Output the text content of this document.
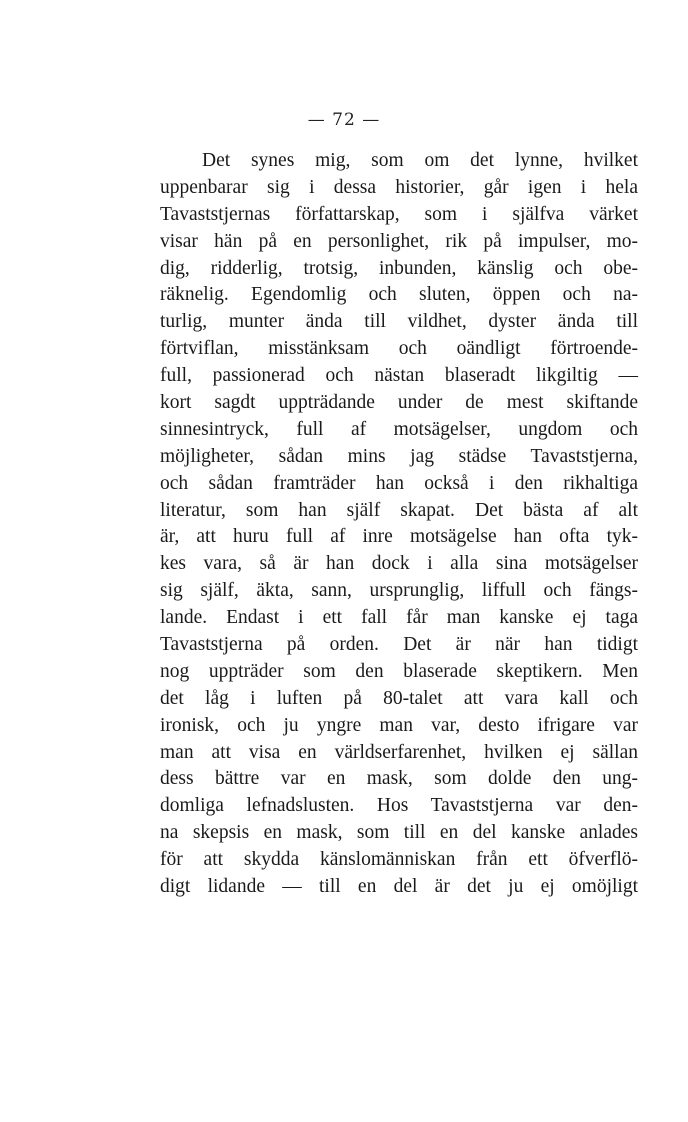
— 72 —
Det synes mig, som om det lynne, hvilket
uppenbarar sig i dessa historier, går igen i hela
Tavaststjernas författarskap, som i själfva värket
visar hän på en personlighet, rik på impulser, mo-
dig, ridderlig, trotsig, inbunden, känslig och obe-
räknelig. Egendomlig och sluten, öppen och na-
turlig, munter ända till vildhet, dyster ända till
förtviflan, misstänksam och oändligt förtroende-
full, passionerad och nästan blaseradt likgiltig —
kort sagdt uppträdande under de mest skiftande
sinnesintryck, full af motsägelser, ungdom och
möjligheter, sådan mins jag städse Tavaststjerna,
och sådan framträder han också i den rikhaltiga
literatur, som han själf skapat. Det bästa af alt
är, att huru full af inre motsägelse han ofta tyk-
kes vara, så är han dock i alla sina motsägelser
sig själf, äkta, sann, ursprunglig, liffull och fängs-
lande. Endast i ett fall får man kanske ej taga
Tavaststjerna på orden. Det är när han tidigt
nog uppträder som den blaserade skeptikern. Men
det låg i luften på 80-talet att vara kall och
ironisk, och ju yngre man var, desto ifrigare var
man att visa en världserfarenhet, hvilken ej sällan
dess bättre var en mask, som dolde den ung-
domliga lefnadslusten. Hos Tavaststjerna var den-
na skepsis en mask, som till en del kanske anlades
för att skydda känslomänniskan från ett öfverflö-
digt lidande — till en del är det ju ej omöjligt
